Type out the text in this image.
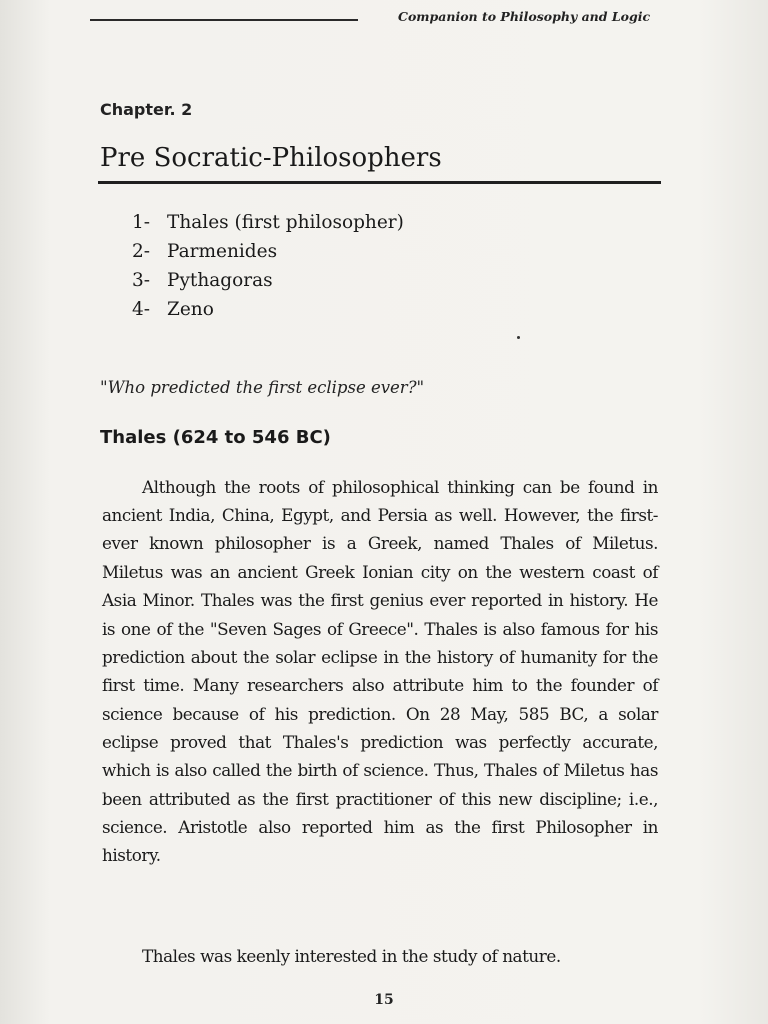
Companion to Philosophy and Logic
Chapter. 2
Pre Socratic-Philosophers
1- Thales (first philosopher)
2- Parmenides
3- Pythagoras
4- Zeno
"Who predicted the first eclipse ever?"
Thales (624 to 546 BC)

Although the roots of philosophical thinking can be found in ancient India, China, Egypt, and Persia as well. However, the first-ever known philosopher is a Greek, named Thales of Miletus. Miletus was an ancient Greek Ionian city on the western coast of Asia Minor. Thales was the first genius ever reported in history. He is one of the "Seven Sages of Greece". Thales is also famous for his prediction about the solar eclipse in the history of humanity for the first time. Many researchers also attribute him to the founder of science because of his prediction. On 28 May, 585 BC, a solar eclipse proved that Thales's prediction was perfectly accurate, which is also called the birth of science. Thus, Thales of Miletus has been attributed as the first practitioner of this new discipline; i.e., science. Aristotle also reported him as the first Philosopher in history.

Thales was keenly interested in the study of nature.

15
